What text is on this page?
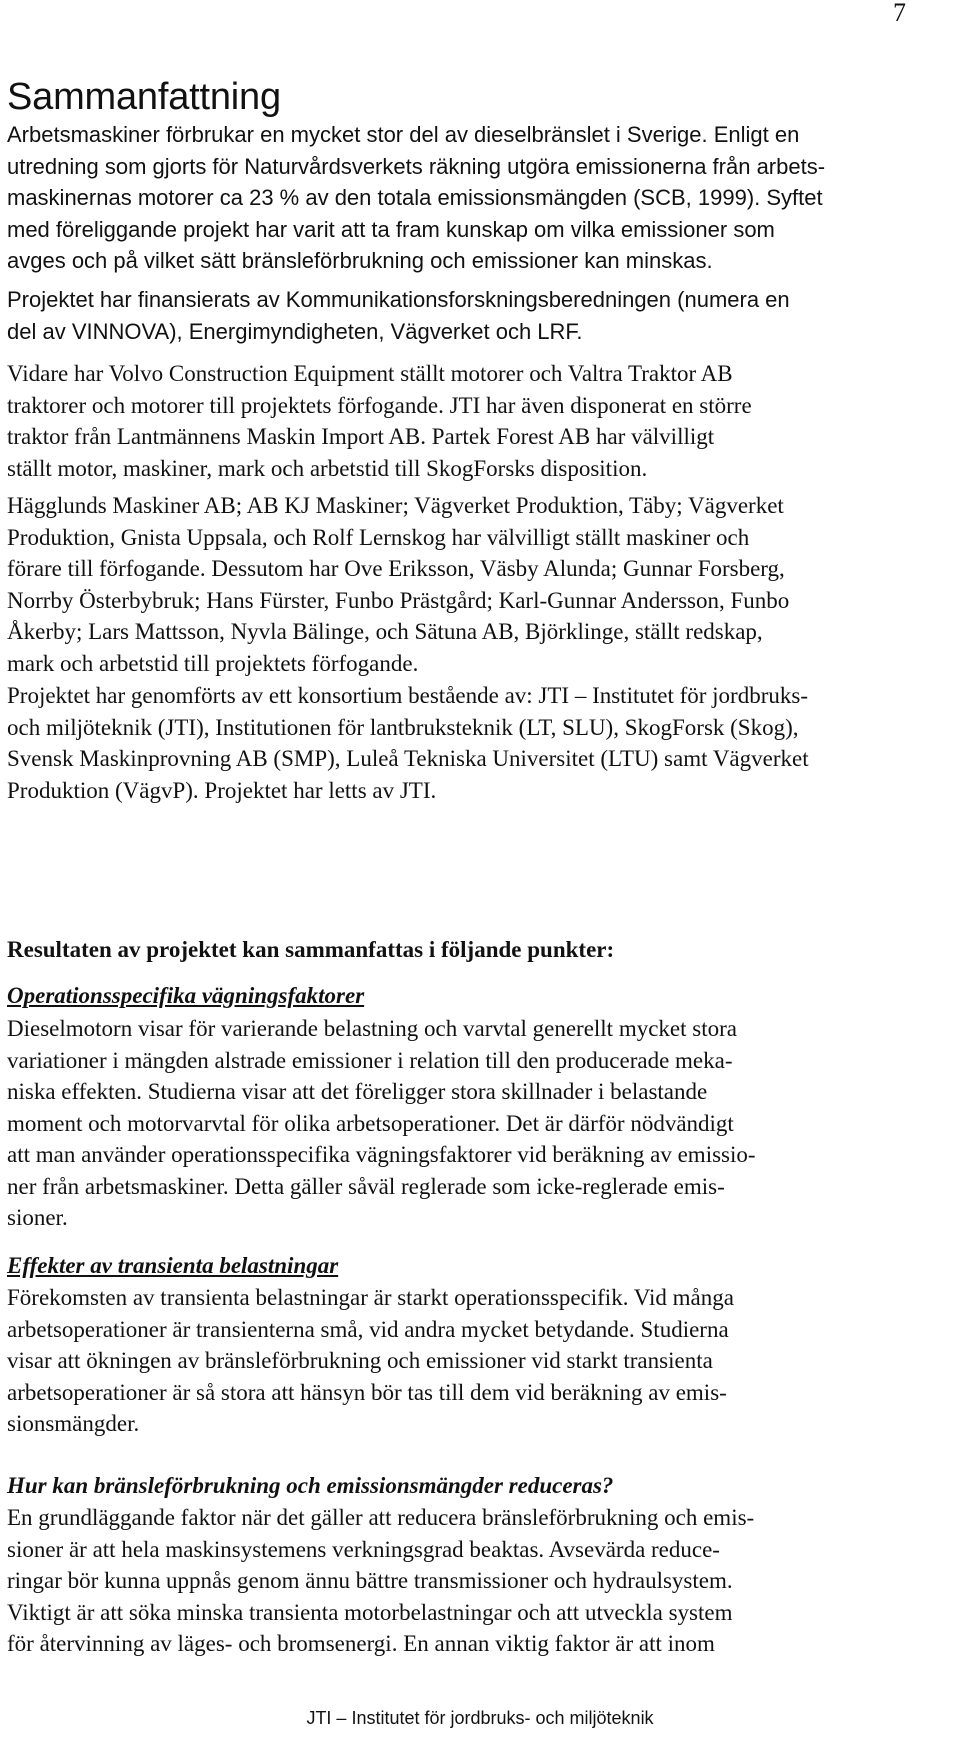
7
Sammanfattning
Arbetsmaskiner förbrukar en mycket stor del av dieselbränslet i Sverige. Enligt en
utredning som gjorts för Naturvårdsverkets räkning utgöra emissionerna från arbets-
maskinernas motorer ca 23 % av den totala emissionsmängden (SCB, 1999). Syftet
med föreliggande projekt har varit att ta fram kunskap om vilka emissioner som
avges och på vilket sätt bränsleförbrukning och emissioner kan minskas.
Projektet har finansierats av Kommunikationsforskningsberedningen (numera en
del av VINNOVA), Energimyndigheten, Vägverket och LRF.
Vidare har Volvo Construction Equipment ställt motorer och Valtra Traktor AB
traktorer och motorer till projektets förfogande. JTI har även disponerat en större
traktor från Lantmännens Maskin Import AB. Partek Forest AB har välvilligt
ställt motor, maskiner, mark och arbetstid till SkogForsks disposition.
Hägglunds Maskiner AB; AB KJ Maskiner; Vägverket Produktion, Täby; Vägverket
Produktion, Gnista Uppsala, och Rolf Lernskog har välvilligt ställt maskiner och
förare till förfogande. Dessutom har Ove Eriksson, Väsby Alunda; Gunnar Forsberg,
Norrby Österbybruk; Hans Fürster, Funbo Prästgård; Karl-Gunnar Andersson, Funbo
Åkerby; Lars Mattsson, Nyvla Bälinge, och Sätuna AB, Björklinge, ställt redskap,
mark och arbetstid till projektets förfogande.
Projektet har genomförts av ett konsortium bestående av: JTI – Institutet för jordbruks-
och miljöteknik (JTI), Institutionen för lantbruksteknik (LT, SLU), SkogForsk (Skog),
Svensk Maskinprovning AB (SMP), Luleå Tekniska Universitet (LTU) samt Vägverket
Produktion (VägvP). Projektet har letts av JTI.
Resultaten av projektet kan sammanfattas i följande punkter:
Operationsspecifika vägningsfaktorer
Dieselmotorn visar för varierande belastning och varvtal generellt mycket stora
variationer i mängden alstrade emissioner i relation till den producerade meka-
niska effekten. Studierna visar att det föreligger stora skillnader i belastande
moment och motorvarvtal för olika arbetsoperationer. Det är därför nödvändigt
att man använder operationsspecifika vägningsfaktorer vid beräkning av emissio-
ner från arbetsmaskiner. Detta gäller såväl reglerade som icke-reglerade emis-
sioner.
Effekter av transienta belastningar
Förekomsten av transienta belastningar är starkt operationsspecifik. Vid många
arbetsoperationer är transienterna små, vid andra mycket betydande. Studierna
visar att ökningen av bränsleförbrukning och emissioner vid starkt transienta
arbetsoperationer är så stora att hänsyn bör tas till dem vid beräkning av emis-
sionsmängder.
Hur kan bränsleförbrukning och emissionsmängder reduceras?
En grundläggande faktor när det gäller att reducera bränsleförbrukning och emis-
sioner är att hela maskinsystemens verkningsgrad beaktas. Avsevärda reduce-
ringar bör kunna uppnås genom ännu bättre transmissioner och hydraulsystem.
Viktigt är att söka minska transienta motorbelastningar och att utveckla system
för återvinning av läges- och bromsenergi. En annan viktig faktor är att inom
JTI – Institutet för jordbruks- och miljöteknik
